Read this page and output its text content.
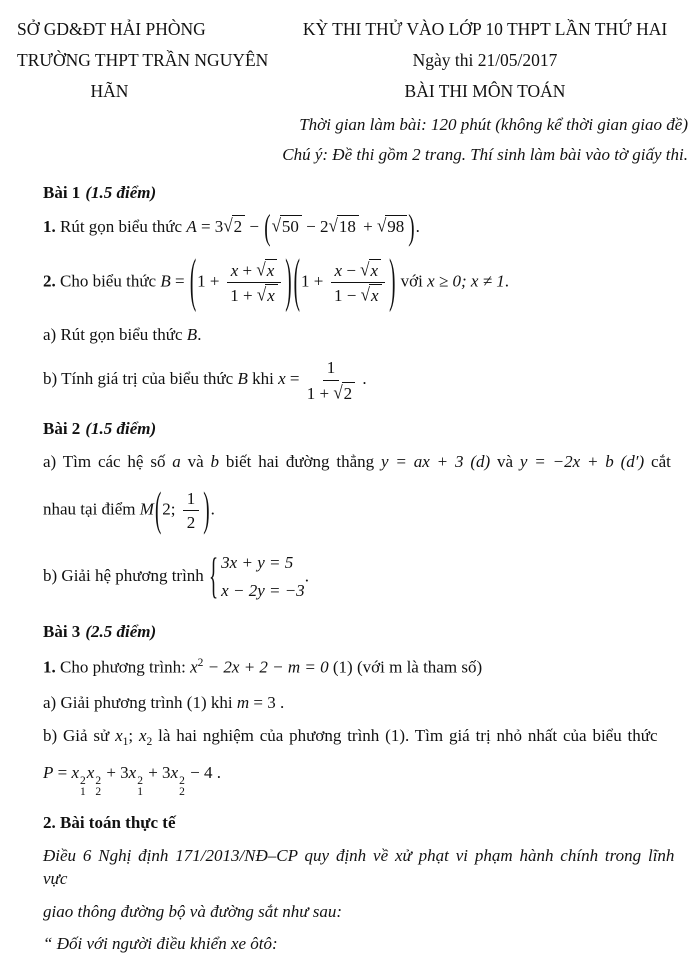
SỞ GD&ĐT HẢI PHÒNG
TRƯỜNG THPT TRẦN NGUYÊN
HÃN
KỲ THI THỬ VÀO LỚP 10 THPT LẦN THỨ HAI
Ngày thi 21/05/2017
BÀI THI MÔN TOÁN
Thời gian làm bài: 120 phút (không kể thời gian giao đề)
Chú ý: Đề thi gồm 2 trang. Thí sinh làm bài vào tờ giấy thi.
Bài 1 (1.5 điểm)
1. Rút gọn biểu thức A = 3√2 − (√50 − 2√18 + √98 ).
2. Cho biểu thức $B = (1 + \frac{x + √x}{1 + √x}$ ) ($1 + \frac{x - √x}{1 - √x}$ ) với x ≥ 0; x ≠ 1.
a) Rút gọn biểu thức B.
b) Tính giá trị của biểu thức B khi $x = \frac{1}{1 + √2}$ .
Bài 2 (1.5 điểm)
a) Tìm các hệ số a và b biết hai đường thẳng y = ax + 3 (d) và y = −2x + b (d′) cắt
nhau tại điểm M(2; $\frac{1}{2}$ ).
b) Giải hệ phương trình { 3x + y = 5
x − 2y = −3
.
Bài 3 (2.5 điểm)
1. Cho phương trình: $x^2 - 2x + 2 - m = 0$ (1) (với m là tham số)
a) Giải phương trình (1) khi m = 3 .
b) Giả sử $x_1$; $x_2$ là hai nghiệm của phương trình (1). Tìm giá trị nhỏ nhất của biểu thức
P = x 2
1
x 2
2
+ 3x 2
1
+ 3x 2
2
− 4 .
2. Bài toán thực tế
Điều 6 Nghị định 171/2013/NĐ–CP quy định về xử phạt vi phạm hành chính trong lĩnh vực
giao thông đường bộ và đường sắt như sau:
“ Đối với người điều khiển xe ôtô:
